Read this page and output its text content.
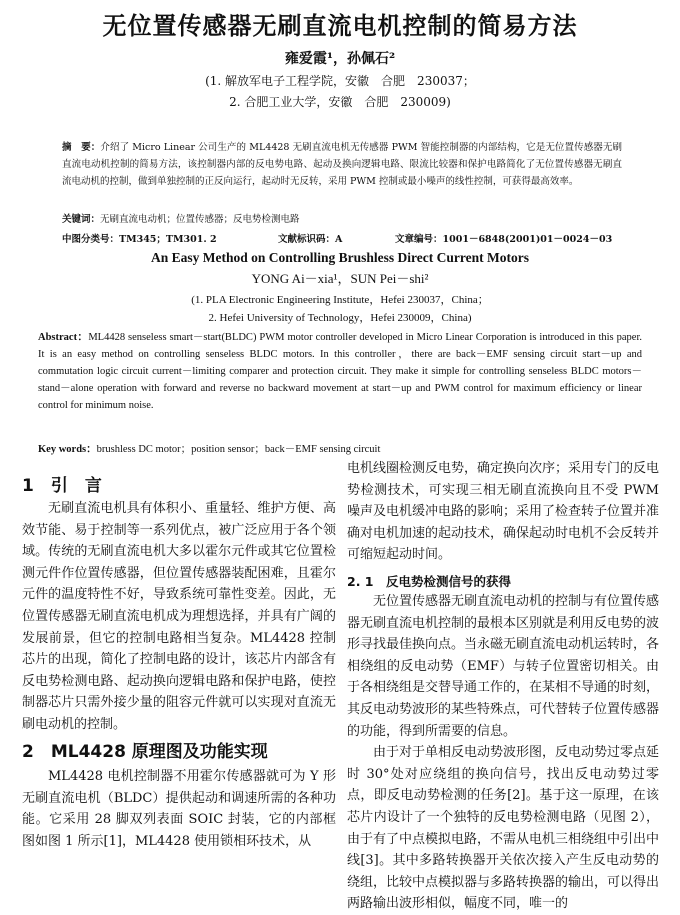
无位置传感器无刷直流电机控制的简易方法
雍爱霞¹，孙佩石²
(1. 解放军电子工程学院，安徽　合肥　230037；
2. 合肥工业大学，安徽　合肥　230009)
摘　要：介绍了 Micro Linear 公司生产的 ML4428 无刷直流电机无传感器 PWM 智能控制器的内部结构，它是无位置传感器无刷直流电动机控制的简易方法，该控制器内部的反电势电路、起动及换向逻辑电路、限流比较器和保护电路简化了无位置传感器无刷直流电动机的控制，做到单独控制的正反向运行，起动时无反转，采用 PWM 控制或最小噪声的线性控制，可获得最高效率。
关键词：无刷直流电动机；位置传感器；反电势检测电路
中图分类号：TM345；TM301. 2	文献标识码：A	文章编号：1001－6848(2001)01－0024－03
An Easy Method on Controlling Brushless Direct Current Motors
YONG Ai－xia¹，SUN Pei－shi²
(1. PLA Electronic Engineering Institute，Hefei 230037，China；
2. Hefei University of Technology，Hefei 230009，China)
Abstract：ML4428 senseless smart－start(BLDC) PWM motor controller developed in Micro Linear Corporation is introduced in this paper. It is an easy method on controlling senseless BLDC motors. In this controller，there are back－EMF sensing circuit start－up and commutation logic circuit current－limiting comparer and protection circuit. They make it simple for controlling senseless BLDC motors－stand－alone operation with forward and reverse no backward movement at start－up and PWM control for maximum efficiency or linear control for minimum noise.
Key words：brushless DC motor；position sensor；back－EMF sensing circuit
1　引　言

无刷直流电机具有体积小、重量轻、维护方便、高效节能、易于控制等一系列优点，被广泛应用于各个领域。传统的无刷直流电机大多以霍尔元件或其它位置检测元件作位置传感器，但位置传感器装配困难，且霍尔元件的温度特性不好，导致系统可靠性变差。因此，无位置传感器无刷直流电机成为理想选择，并具有广阔的发展前景，但它的控制电路相当复杂。ML4428 控制芯片的出现，简化了控制电路的设计，该芯片内部含有反电势检测电路、起动换向逻辑电路和保护电路，使控制器芯片只需外接少量的阻容元件就可以实现对直流无刷电动机的控制。

2　ML4428 原理图及功能实现

ML4428 电机控制器不用霍尔传感器就可为 Y 形无刷直流电机（BLDC）提供起动和调速所需的各种功能。它采用 28 脚双列表面 SOIC 封装，它的内部框图如图 1 所示[1]，ML4428 使用锁相环技术，从

电机线圈检测反电势，确定换向次序；采用专门的反电势检测技术，可实现三相无刷直流换向且不受 PWM 噪声及电机缓冲电路的影响；采用了检查转子位置并准确对电机加速的起动技术，确保起动时电机不会反转并可缩短起动时间。

2. 1　反电势检测信号的获得

无位置传感器无刷直流电动机的控制与有位置传感器无刷直流电机控制的最根本区别就是利用反电势的波形寻找最佳换向点。当永磁无刷直流电动机运转时，各相绕组的反电动势（EMF）与转子位置密切相关。由于各相绕组是交替导通工作的，在某相不导通的时刻，其反电动势波形的某些特殊点，可代替转子位置传感器的功能，得到所需要的信息。

由于对于单相反电动势波形图，反电动势过零点延时 30°处对应绕组的换向信号，找出反电动势过零点，即反电动势检测的任务[2]。基于这一原理，在该芯片内设计了一个独特的反电势检测电路（见图 2），由于有了中点模拟电路，不需从电机三相绕组中引出中线[3]。其中多路转换器开关依次接入产生反电动势的绕组，比较中点模拟器与多路转换器的输出，可以得出两路输出波形相似，幅度不同，唯一的
